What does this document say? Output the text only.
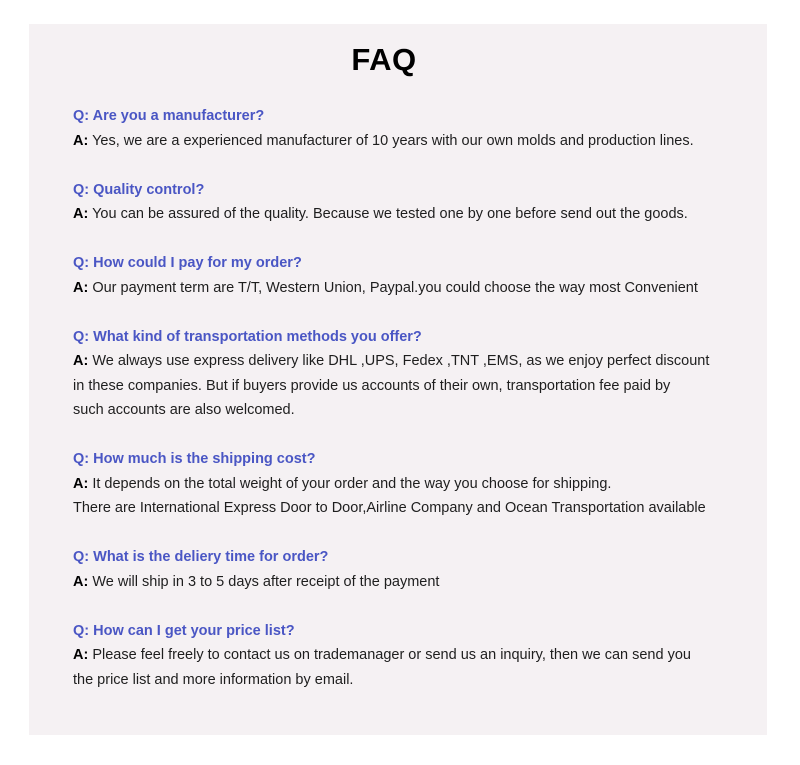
FAQ
Q: Are you a manufacturer?
A: Yes, we are a experienced manufacturer of 10 years with our own molds and production lines.
Q: Quality control?
A: You can be assured of the quality. Because we tested one by one before send out the goods.
Q: How could I pay for my order?
A: Our payment term are T/T, Western Union, Paypal.you could choose the way most Convenient
Q: What kind of transportation methods you offer?
A: We always use express delivery like DHL ,UPS, Fedex ,TNT ,EMS, as we enjoy perfect discount
in these companies. But if buyers provide us accounts of their own, transportation fee paid by
such accounts are also welcomed.
Q: How much is the shipping cost?
A: It depends on the total weight of your order and the way you choose for shipping.
There are International Express Door to Door,Airline Company and Ocean Transportation available
Q: What is the deliery time for order?
A: We will ship in 3 to 5 days after receipt of the payment
Q: How can I get your price list?
A: Please feel freely to contact us on trademanager or send us an inquiry, then we can send you
the price list and more information by email.
